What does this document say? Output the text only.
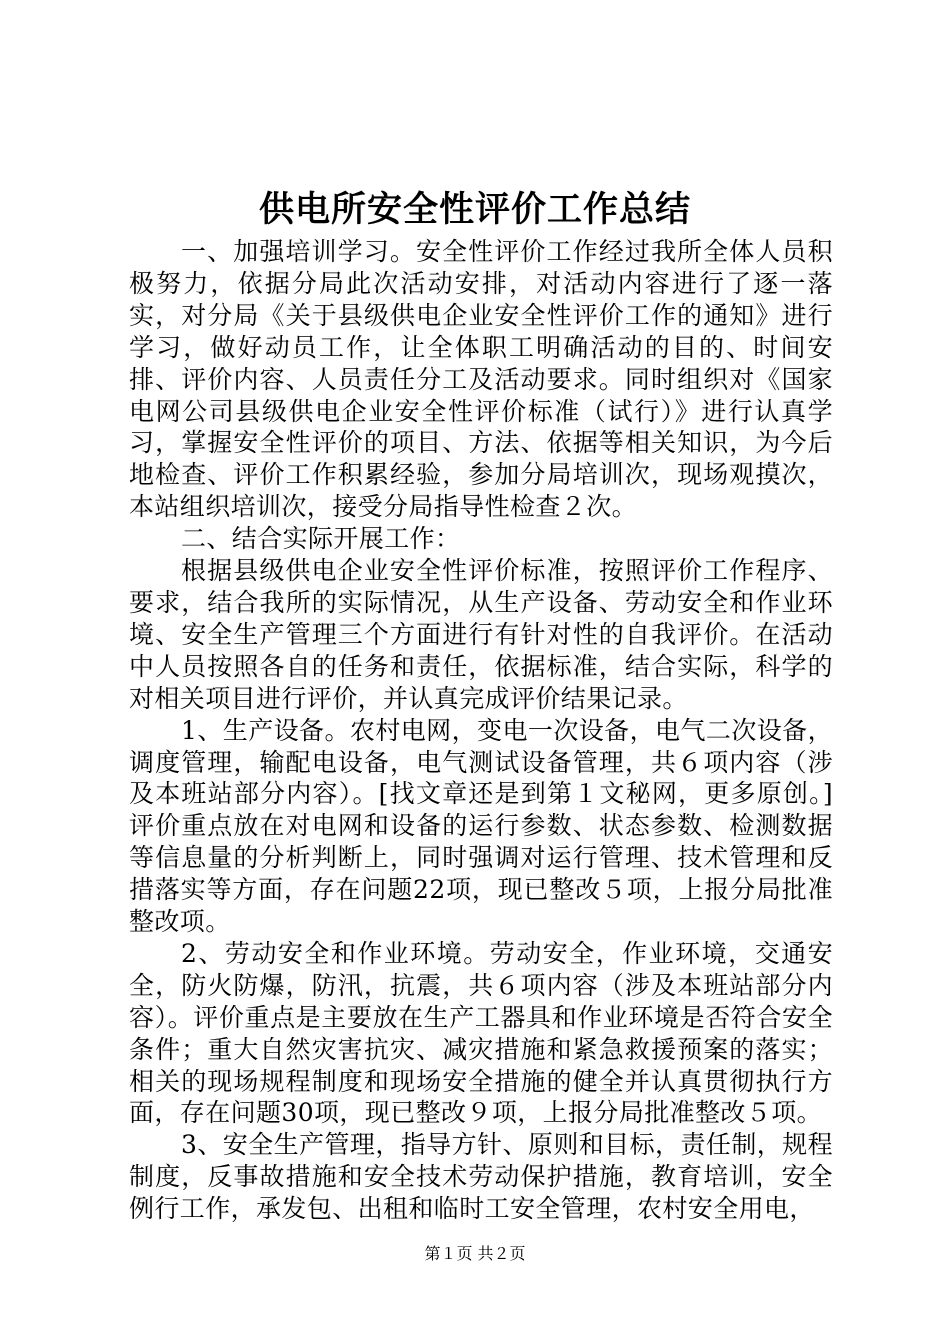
供电所安全性评价工作总结

一、加强培训学习。安全性评价工作经过我所全体人员积极努力，依据分局此次活动安排，对活动内容进行了逐一落实，对分局《关于县级供电企业安全性评价工作的通知》进行学习，做好动员工作，让全体职工明确活动的目的、时间安排、评价内容、人员责任分工及活动要求。同时组织对《国家电网公司县级供电企业安全性评价标准（试行）》进行认真学习，掌握安全性评价的项目、方法、依据等相关知识，为今后地检查、评价工作积累经验，参加分局培训次，现场观摸次，本站组织培训次，接受分局指导性检查２次。

二、结合实际开展工作：

根据县级供电企业安全性评价标准，按照评价工作程序、要求，结合我所的实际情况，从生产设备、劳动安全和作业环境、安全生产管理三个方面进行有针对性的自我评价。在活动中人员按照各自的任务和责任，依据标准，结合实际，科学的对相关项目进行评价，并认真完成评价结果记录。

1、生产设备。农村电网，变电一次设备，电气二次设备，调度管理，输配电设备，电气测试设备管理，共６项内容（涉及本班站部分内容）。[找文章还是到第１文秘网，更多原创。]评价重点放在对电网和设备的运行参数、状态参数、检测数据等信息量的分析判断上，同时强调对运行管理、技术管理和反措落实等方面，存在问题22项，现已整改５项，上报分局批准整改项。

2、劳动安全和作业环境。劳动安全，作业环境，交通安全，防火防爆，防汛，抗震，共６项内容（涉及本班站部分内容）。评价重点是主要放在生产工器具和作业环境是否符合安全条件；重大自然灾害抗灾、减灾措施和紧急救援预案的落实；相关的现场规程制度和现场安全措施的健全并认真贯彻执行方面，存在问题30项，现已整改９项，上报分局批准整改５项。

3、安全生产管理，指导方针、原则和目标，责任制，规程制度，反事故措施和安全技术劳动保护措施，教育培训，安全例行工作，承发包、出租和临时工安全管理，农村安全用电，

第１页 共２页
